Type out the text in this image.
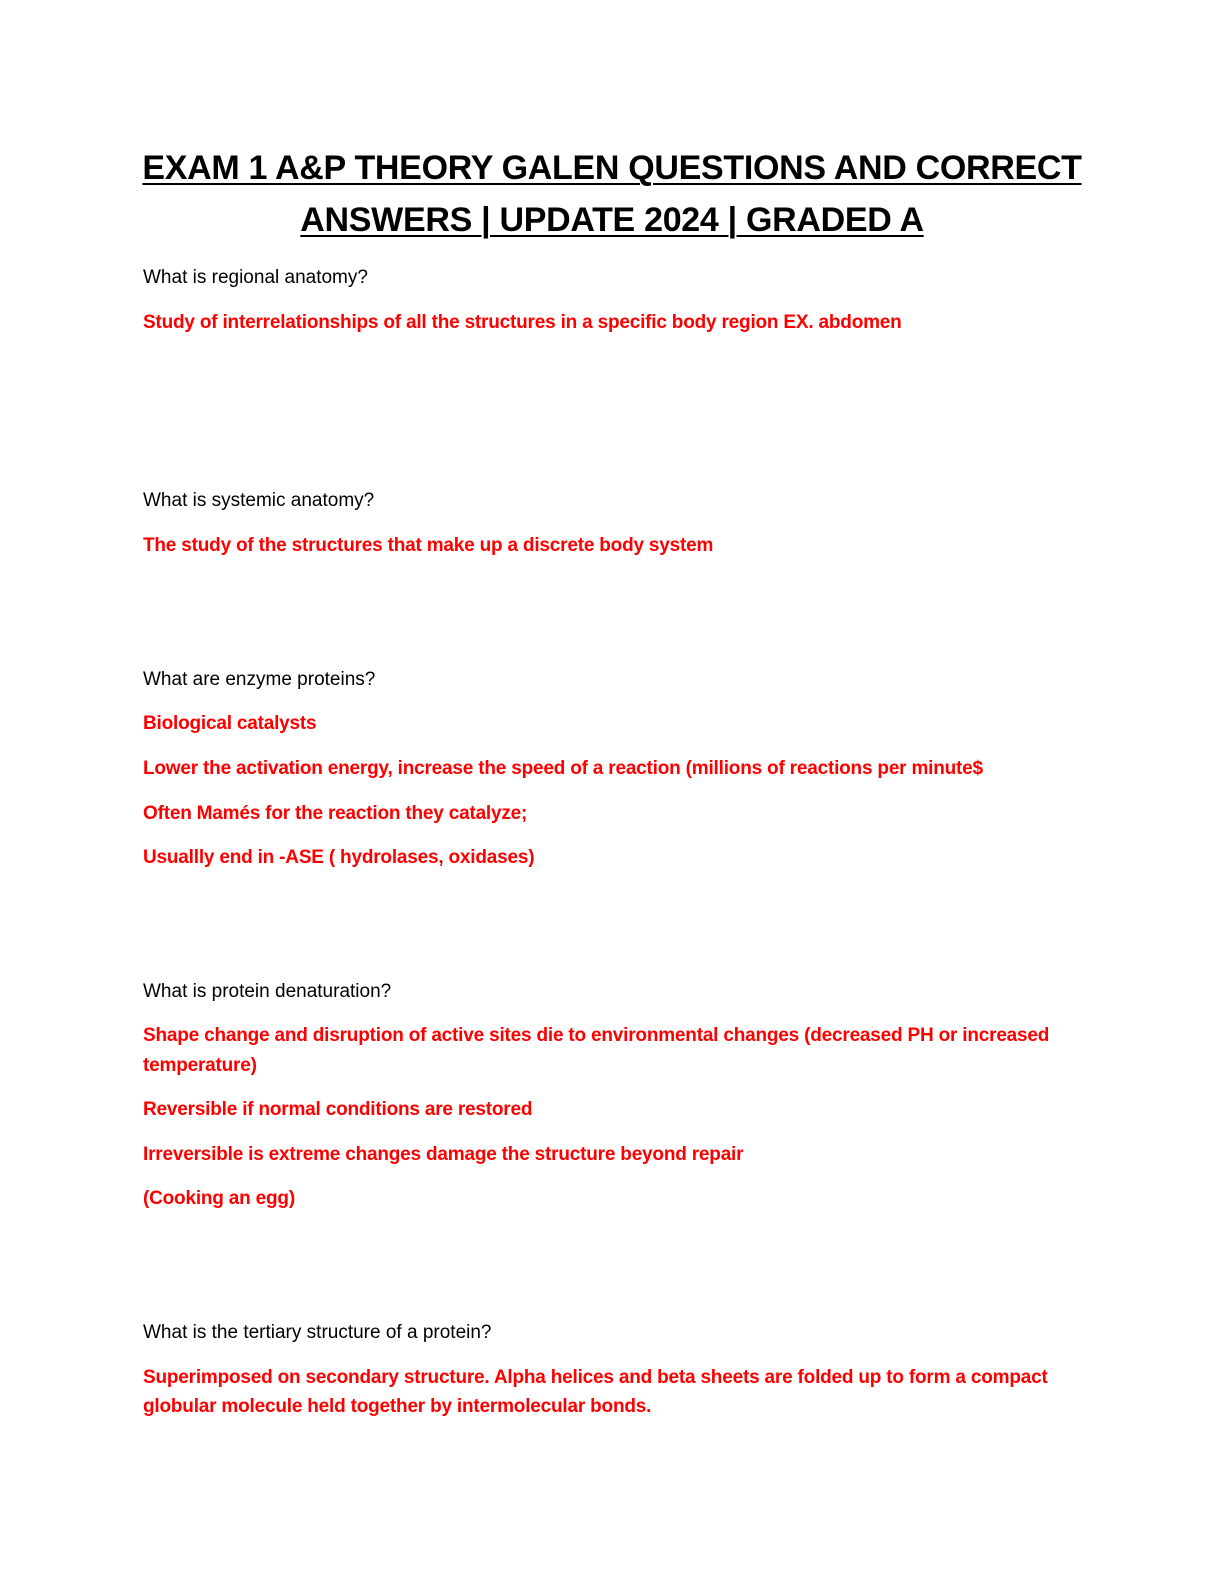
EXAM 1 A&P THEORY GALEN QUESTIONS AND CORRECT
ANSWERS | UPDATE 2024 | GRADED A

What is regional anatomy?

Study of interrelationships of all the structures in a specific body region EX. abdomen

What is systemic anatomy?

The study of the structures that make up a discrete body system

What are enzyme proteins?

Biological catalysts

Lower the activation energy, increase the speed of a reaction (millions of reactions per minute$

Often Mamés for the reaction they catalyze;

Usuallly end in -ASE ( hydrolases, oxidases)

What is protein denaturation?

Shape change and disruption of active sites die to environmental changes (decreased PH or increased

temperature)

Reversible if normal conditions are restored

Irreversible is extreme changes damage the structure beyond repair

(Cooking an egg)

What is the tertiary structure of a protein?

Superimposed on secondary structure. Alpha helices and beta sheets are folded up to form a compact

globular molecule held together by intermolecular bonds.
